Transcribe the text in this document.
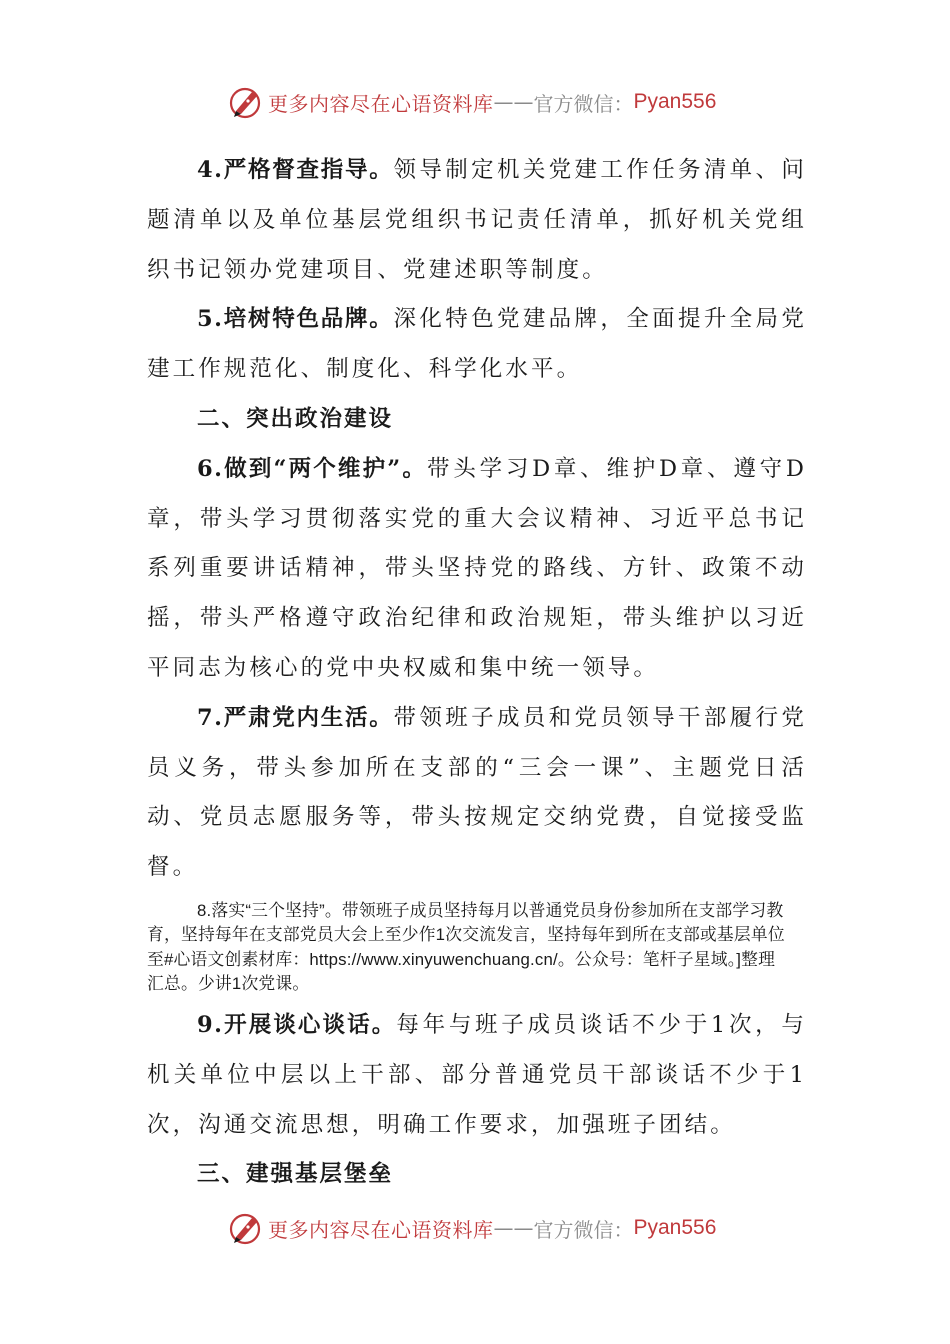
更多内容尽在心语资料库 —— 官方微信： Pyan556

4.严格督查指导。领导制定机关党建工作任务清单、问题清单以及单位基层党组织书记责任清单，抓好机关党组织书记领办党建项目、党建述职等制度。

5.培树特色品牌。深化特色党建品牌，全面提升全局党建工作规范化、制度化、科学化水平。

二、突出政治建设

6.做到“两个维护”。带头学习D章、维护D章、遵守D章，带头学习贯彻落实党的重大会议精神、习近平总书记系列重要讲话精神，带头坚持党的路线、方针、政策不动摇，带头严格遵守政治纪律和政治规矩，带头维护以习近平同志为核心的党中央权威和集中统一领导。

7.严肃党内生活。带领班子成员和党员领导干部履行党员义务，带头参加所在支部的“三会一课”、主题党日活动、党员志愿服务等，带头按规定交纳党费，自觉接受监督。

8.落实“三个坚持”。带领班子成员坚持每月以普通党员身份参加所在支部学习教育，坚持每年在支部党员大会上至少作1次交流发言，坚持每年到所在支部或基层单位至#心语文创素材库：https://www.xinyuwenchuang.cn/。公众号：笔杆子星域。]整理汇总。少讲1次党课。

9.开展谈心谈话。每年与班子成员谈话不少于1次，与机关单位中层以上干部、部分普通党员干部谈话不少于1次，沟通交流思想，明确工作要求，加强班子团结。

三、建强基层堡垒

更多内容尽在心语资料库 —— 官方微信： Pyan556
